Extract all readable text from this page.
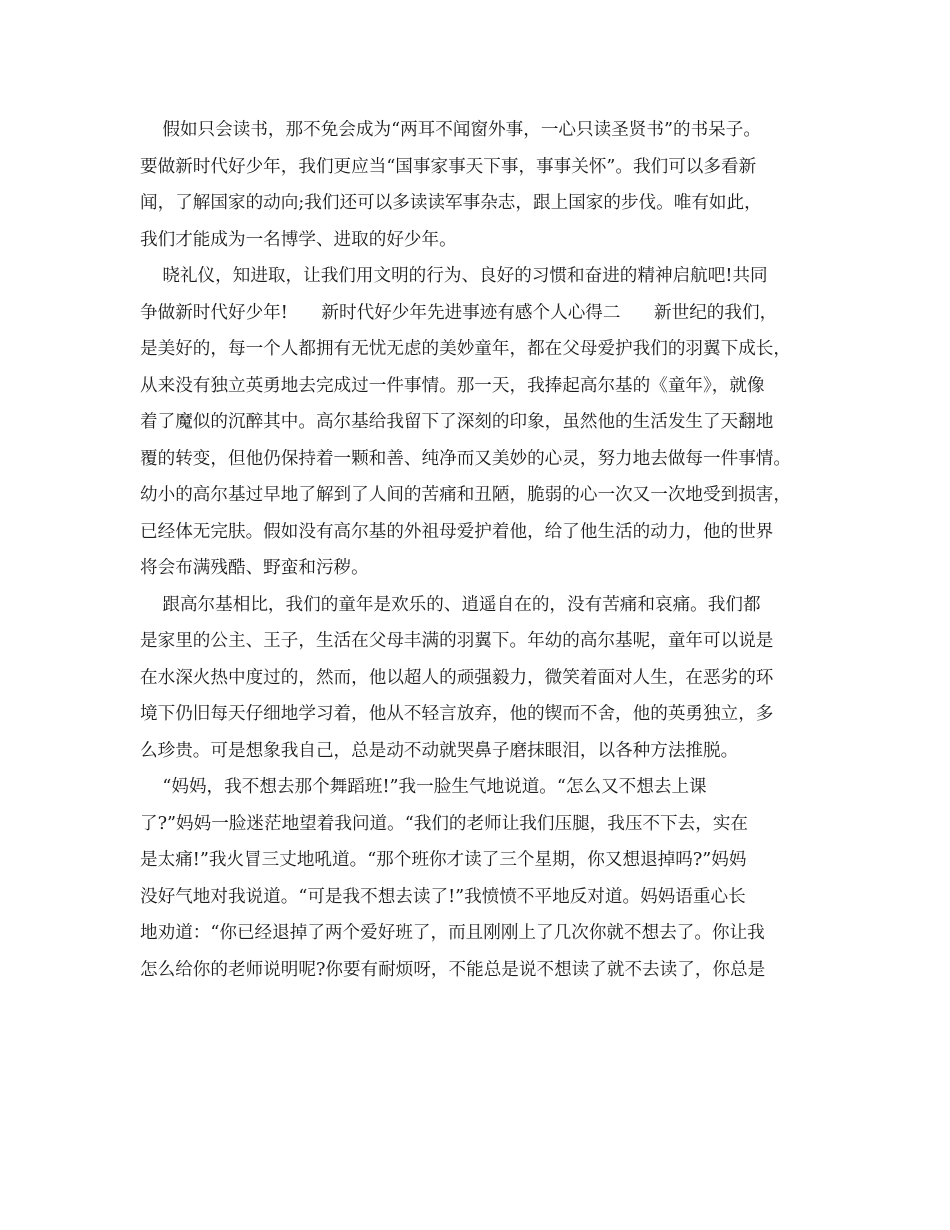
假如只会读书，那不免会成为“两耳不闻窗外事，一心只读圣贤书”的书呆子。
要做新时代好少年，我们更应当“国事家事天下事，事事关怀”。我们可以多看新
闻，了解国家的动向;我们还可以多读读军事杂志，跟上国家的步伐。唯有如此，
我们才能成为一名博学、进取的好少年。
晓礼仪，知进取，让我们用文明的行为、良好的习惯和奋进的精神启航吧!共同
争做新时代好少年!      新时代好少年先进事迹有感个人心得二      新世纪的我们，
是美好的，每一个人都拥有无忧无虑的美妙童年，都在父母爱护我们的羽翼下成长，
从来没有独立英勇地去完成过一件事情。那一天，我捧起高尔基的《童年》，就像
着了魔似的沉醉其中。高尔基给我留下了深刻的印象，虽然他的生活发生了天翻地
覆的转变，但他仍保持着一颗和善、纯净而又美妙的心灵，努力地去做每一件事情。
幼小的高尔基过早地了解到了人间的苦痛和丑陋，脆弱的心一次又一次地受到损害，
已经体无完肤。假如没有高尔基的外祖母爱护着他，给了他生活的动力，他的世界
将会布满残酷、野蛮和污秽。
跟高尔基相比，我们的童年是欢乐的、逍遥自在的，没有苦痛和哀痛。我们都
是家里的公主、王子，生活在父母丰满的羽翼下。年幼的高尔基呢，童年可以说是
在水深火热中度过的，然而，他以超人的顽强毅力，微笑着面对人生，在恶劣的环
境下仍旧每天仔细地学习着，他从不轻言放弃，他的锲而不舍，他的英勇独立，多
么珍贵。可是想象我自己，总是动不动就哭鼻子磨抹眼泪，以各种方法推脱。
“妈妈，我不想去那个舞蹈班!”我一脸生气地说道。“怎么又不想去上课
了?”妈妈一脸迷茫地望着我问道。“我们的老师让我们压腿，我压不下去，实在
是太痛!”我火冒三丈地吼道。“那个班你才读了三个星期，你又想退掉吗?”妈妈
没好气地对我说道。“可是我不想去读了!”我愤愤不平地反对道。妈妈语重心长
地劝道：“你已经退掉了两个爱好班了，而且刚刚上了几次你就不想去了。你让我
怎么给你的老师说明呢?你要有耐烦呀，不能总是说不想读了就不去读了，你总是
